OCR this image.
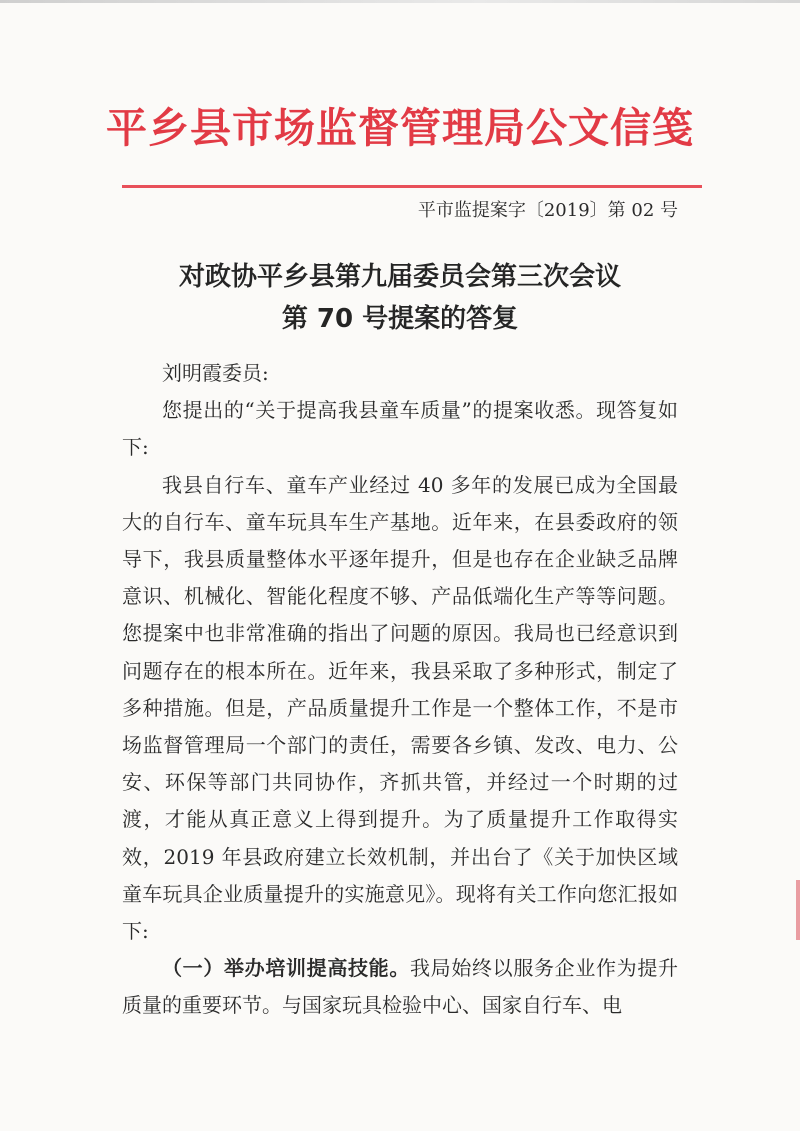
平乡县市场监督管理局公文信笺
平市监提案字〔2019〕第 02 号
对政协平乡县第九届委员会第三次会议
第 70 号提案的答复

刘明霞委员:

您提出的“关于提高我县童车质量”的提案收悉。现答复如下:

我县自行车、童车产业经过 40 多年的发展已成为全国最大的自行车、童车玩具车生产基地。近年来，在县委政府的领导下，我县质量整体水平逐年提升，但是也存在企业缺乏品牌意识、机械化、智能化程度不够、产品低端化生产等等问题。您提案中也非常准确的指出了问题的原因。我局也已经意识到问题存在的根本所在。近年来，我县采取了多种形式，制定了多种措施。但是，产品质量提升工作是一个整体工作，不是市场监督管理局一个部门的责任，需要各乡镇、发改、电力、公安、环保等部门共同协作，齐抓共管，并经过一个时期的过渡，才能从真正意义上得到提升。为了质量提升工作取得实效，2019 年县政府建立长效机制，并出台了《关于加快区域童车玩具企业质量提升的实施意见》。现将有关工作向您汇报如下:

（一）举办培训提高技能。我局始终以服务企业作为提升质量的重要环节。与国家玩具检验中心、国家自行车、电
